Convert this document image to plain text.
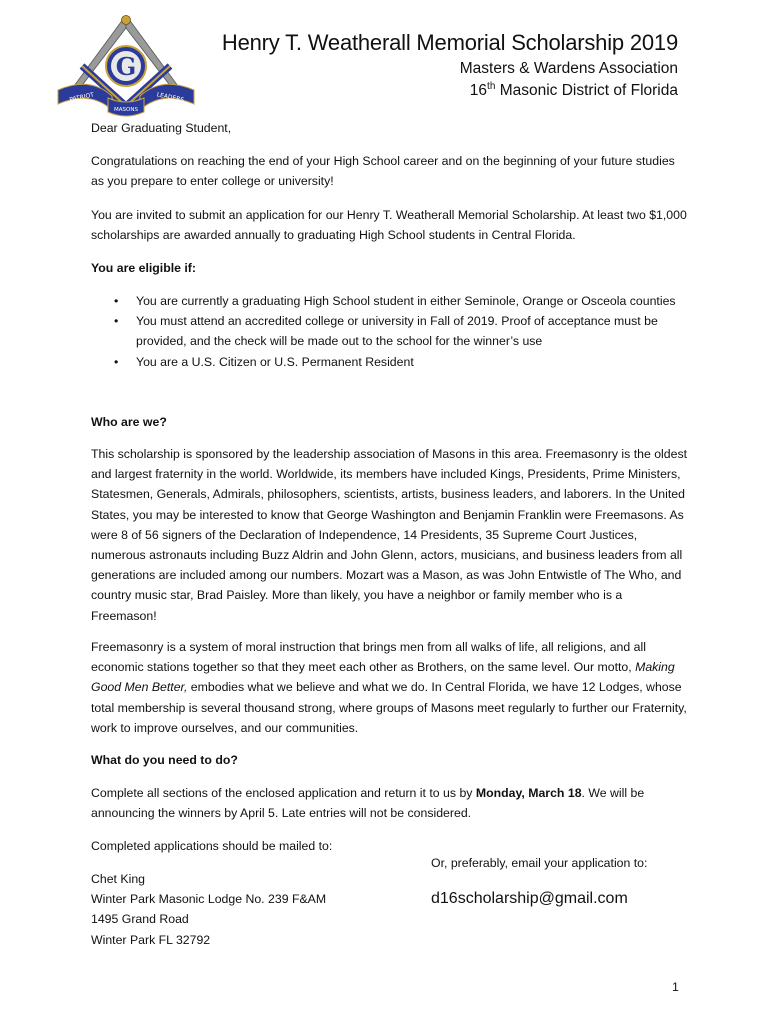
G
PATRIOT
MASONS
LEADERS
Henry T. Weatherall Memorial Scholarship 2019
Masters & Wardens Association
16th Masonic District of Florida

Dear Graduating Student,

Congratulations on reaching the end of your High School career and on the beginning of your future studies as you prepare to enter college or university!

You are invited to submit an application for our Henry T. Weatherall Memorial Scholarship. At least two $1,000 scholarships are awarded annually to graduating High School students in Central Florida.

You are eligible if:

• You are currently a graduating High School student in either Seminole, Orange or Osceola counties
• You must attend an accredited college or university in Fall of 2019. Proof of acceptance must be provided, and the check will be made out to the school for the winner’s use
• You are a U.S. Citizen or U.S. Permanent Resident

Who are we?

This scholarship is sponsored by the leadership association of Masons in this area. Freemasonry is the oldest and largest fraternity in the world. Worldwide, its members have included Kings, Presidents, Prime Ministers, Statesmen, Generals, Admirals, philosophers, scientists, artists, business leaders, and laborers. In the United States, you may be interested to know that George Washington and Benjamin Franklin were Freemasons. As were 8 of 56 signers of the Declaration of Independence, 14 Presidents, 35 Supreme Court Justices, numerous astronauts including Buzz Aldrin and John Glenn, actors, musicians, and business leaders from all generations are included among our numbers. Mozart was a Mason, as was John Entwistle of The Who, and country music star, Brad Paisley. More than likely, you have a neighbor or family member who is a Freemason!

Freemasonry is a system of moral instruction that brings men from all walks of life, all religions, and all economic stations together so that they meet each other as Brothers, on the same level. Our motto, Making Good Men Better, embodies what we believe and what we do. In Central Florida, we have 12 Lodges, whose total membership is several thousand strong, where groups of Masons meet regularly to further our Fraternity, work to improve ourselves, and our communities.

What do you need to do?

Complete all sections of the enclosed application and return it to us by Monday, March 18. We will be announcing the winners by April 5. Late entries will not be considered.

Completed applications should be mailed to:

Chet King
Winter Park Masonic Lodge No. 239 F&AM
1495 Grand Road
Winter Park FL 32792
Or, preferably, email your application to:
d16scholarship@gmail.com
1
